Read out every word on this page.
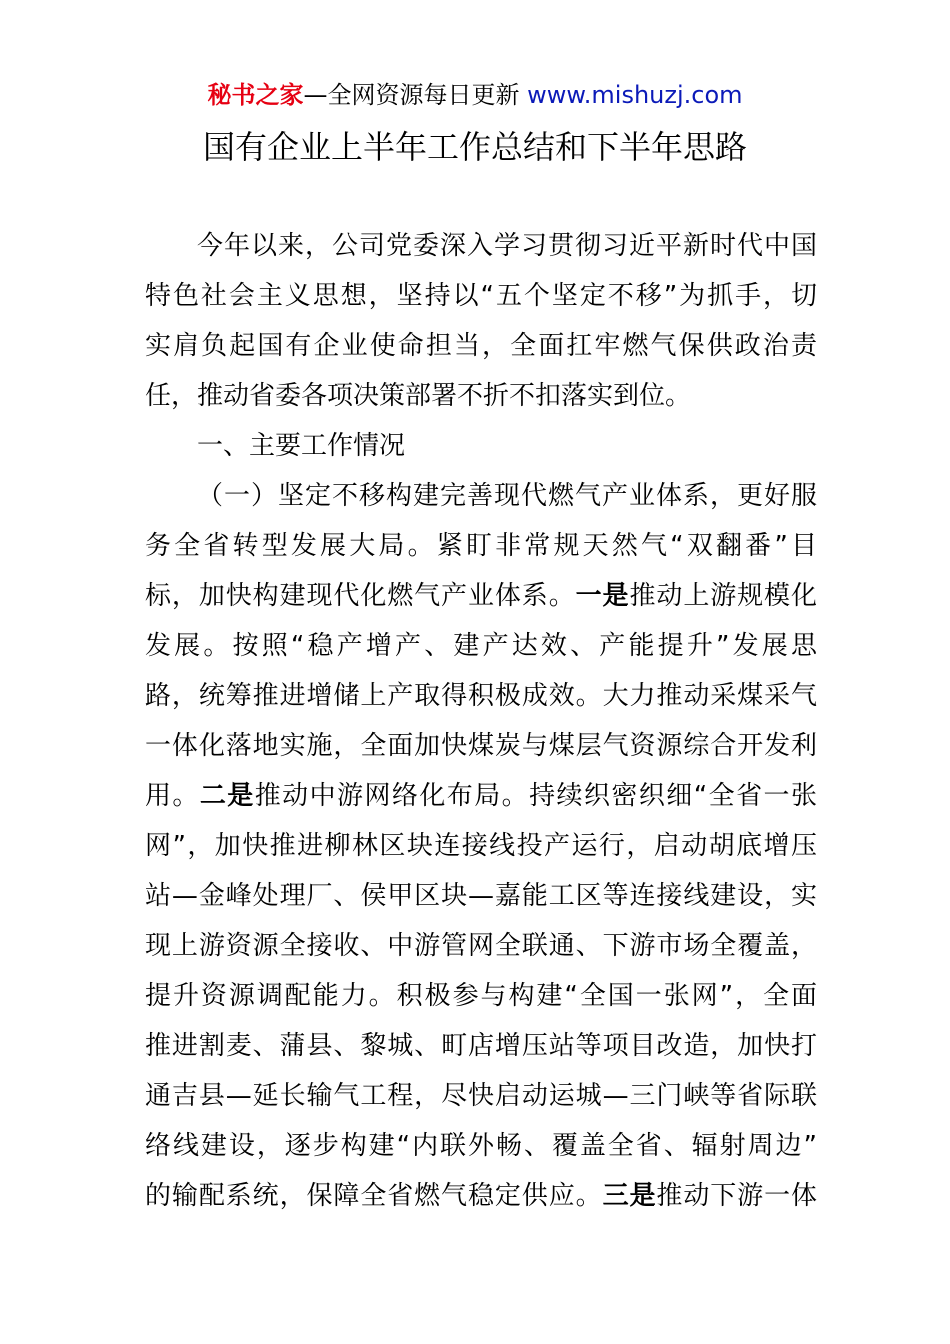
秘书之家—全网资源每日更新 www.mishuzj.com
国有企业上半年工作总结和下半年思路
今年以来，公司党委深入学习贯彻习近平新时代中国
特色社会主义思想，坚持以“五个坚定不移”为抓手，切
实肩负起国有企业使命担当，全面扛牢燃气保供政治责
任，推动省委各项决策部署不折不扣落实到位。
一、主要工作情况
（一）坚定不移构建完善现代燃气产业体系，更好服
务全省转型发展大局。紧盯非常规天然气“双翻番”目
标，加快构建现代化燃气产业体系。一是推动上游规模化
发展。按照“稳产增产、建产达效、产能提升”发展思
路，统筹推进增储上产取得积极成效。大力推动采煤采气
一体化落地实施，全面加快煤炭与煤层气资源综合开发利
用。二是推动中游网络化布局。持续织密织细“全省一张
网”，加快推进柳林区块连接线投产运行，启动胡底增压
站—金峰处理厂、侯甲区块—嘉能工区等连接线建设，实
现上游资源全接收、中游管网全联通、下游市场全覆盖，
提升资源调配能力。积极参与构建“全国一张网”，全面
推进割麦、蒲县、黎城、町店增压站等项目改造，加快打
通吉县—延长输气工程，尽快启动运城—三门峡等省际联
络线建设，逐步构建“内联外畅、覆盖全省、辐射周边”
的输配系统，保障全省燃气稳定供应。三是推动下游一体
